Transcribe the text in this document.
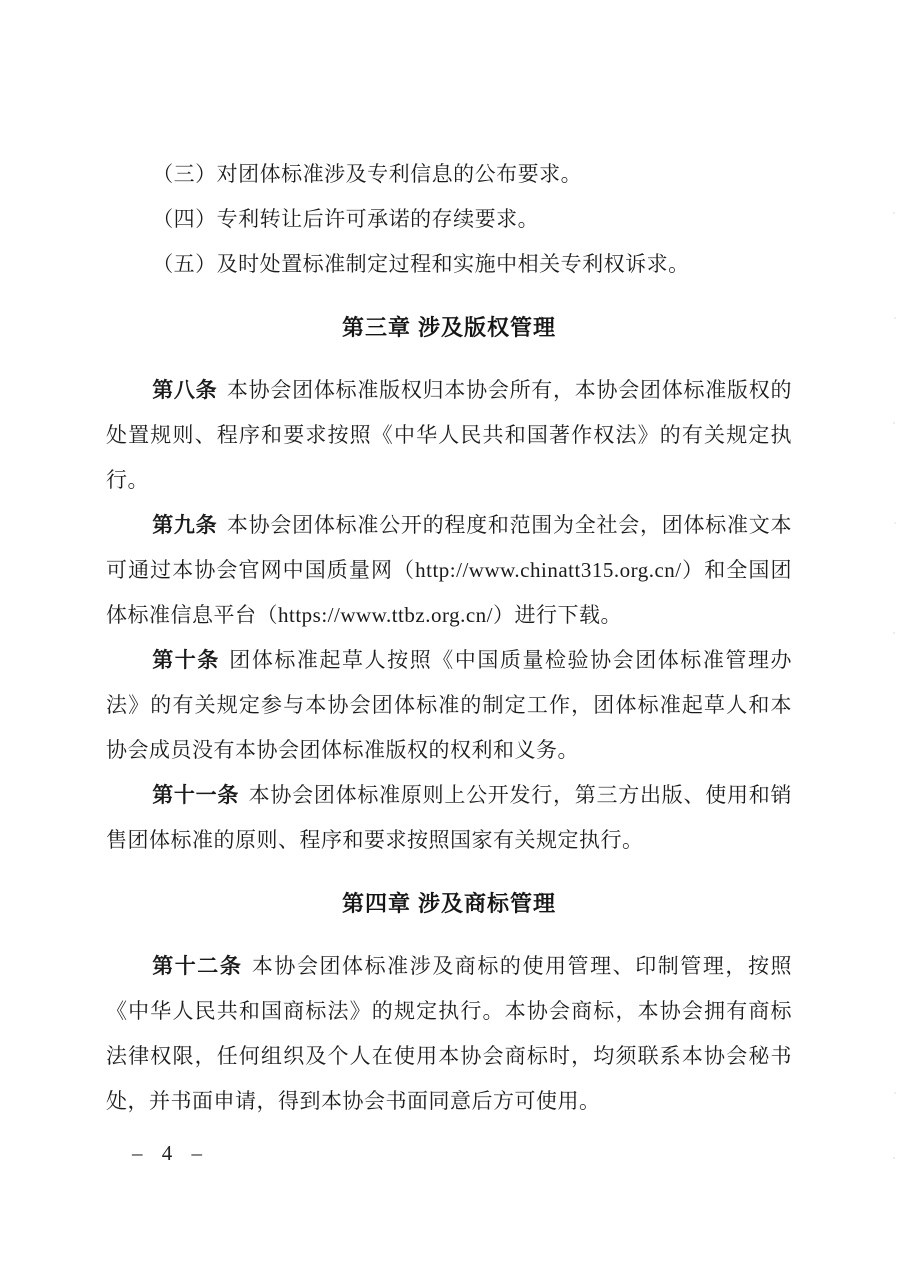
（三）对团体标准涉及专利信息的公布要求。

（四）专利转让后许可承诺的存续要求。

（五）及时处置标准制定过程和实施中相关专利权诉求。

第三章 涉及版权管理

第八条 本协会团体标准版权归本协会所有，本协会团体标准版权的处置规则、程序和要求按照《中华人民共和国著作权法》的有关规定执行。

第九条 本协会团体标准公开的程度和范围为全社会，团体标准文本可通过本协会官网中国质量网（http://www.chinatt315.org.cn/）和全国团体标准信息平台（https://www.ttbz.org.cn/）进行下载。

第十条 团体标准起草人按照《中国质量检验协会团体标准管理办法》的有关规定参与本协会团体标准的制定工作，团体标准起草人和本协会成员没有本协会团体标准版权的权利和义务。

第十一条 本协会团体标准原则上公开发行，第三方出版、使用和销售团体标准的原则、程序和要求按照国家有关规定执行。

第四章 涉及商标管理

第十二条 本协会团体标准涉及商标的使用管理、印制管理，按照《中华人民共和国商标法》的规定执行。本协会商标，本协会拥有商标法律权限，任何组织及个人在使用本协会商标时，均须联系本协会秘书处，并书面申请，得到本协会书面同意后方可使用。

– 4 –
